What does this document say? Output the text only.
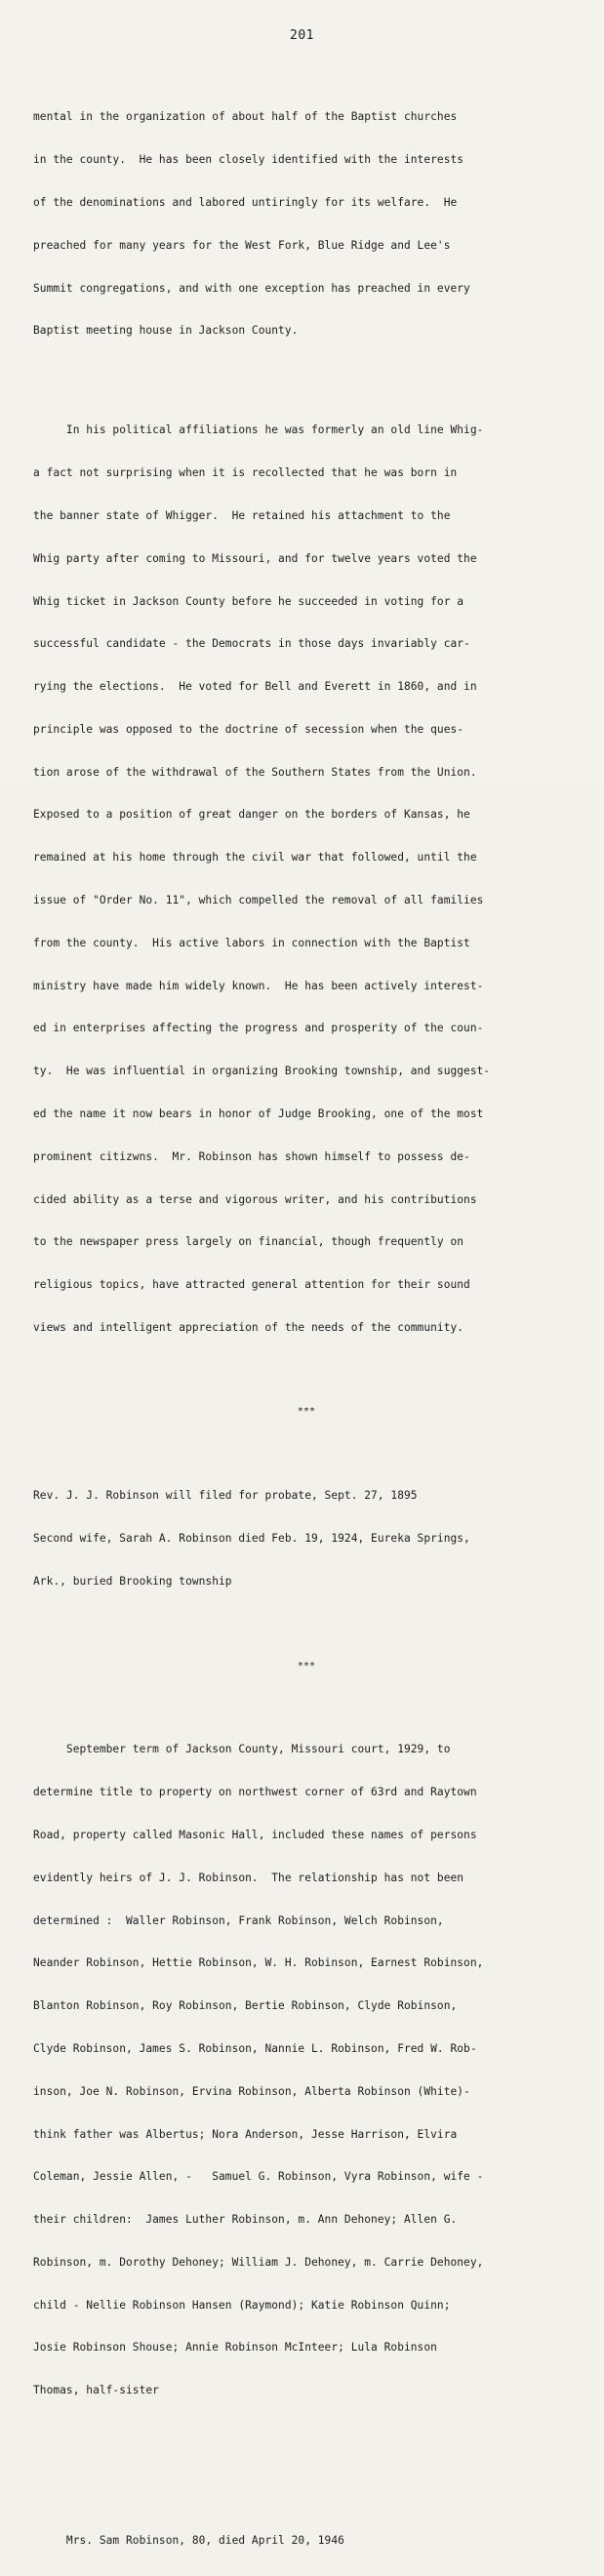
201

mental in the organization of about half of the Baptist churches

in the county.  He has been closely identified with the interests

of the denominations and labored untiringly for its welfare.  He

preached for many years for the West Fork, Blue Ridge and Lee's

Summit congregations, and with one exception has preached in every

Baptist meeting house in Jackson County.

In his political affiliations he was formerly an old line Whig-

a fact not surprising when it is recollected that he was born in

the banner state of Whigger.  He retained his attachment to the

Whig party after coming to Missouri, and for twelve years voted the

Whig ticket in Jackson County before he succeeded in voting for a

successful candidate - the Democrats in those days invariably car-

rying the elections.  He voted for Bell and Everett in 1860, and in

principle was opposed to the doctrine of secession when the ques-

tion arose of the withdrawal of the Southern States from the Union.

Exposed to a position of great danger on the borders of Kansas, he

remained at his home through the civil war that followed, until the

issue of "Order No. 11", which compelled the removal of all families

from the county.  His active labors in connection with the Baptist

ministry have made him widely known.  He has been actively interest-

ed in enterprises affecting the progress and prosperity of the coun-

ty.  He was influential in organizing Brooking township, and suggest-

ed the name it now bears in honor of Judge Brooking, one of the most

prominent citizwns.  Mr. Robinson has shown himself to possess de-

cided ability as a terse and vigorous writer, and his contributions

to the newspaper press largely on financial, though frequently on

religious topics, have attracted general attention for their sound

views and intelligent appreciation of the needs of the community.

***

Rev. J. J. Robinson will filed for probate, Sept. 27, 1895

Second wife, Sarah A. Robinson died Feb. 19, 1924, Eureka Springs,

Ark., buried Brooking township

***

September term of Jackson County, Missouri court, 1929, to

determine title to property on northwest corner of 63rd and Raytown

Road, property called Masonic Hall, included these names of persons

evidently heirs of J. J. Robinson.  The relationship has not been

determined :  Waller Robinson, Frank Robinson, Welch Robinson,

Neander Robinson, Hettie Robinson, W. H. Robinson, Earnest Robinson,

Blanton Robinson, Roy Robinson, Bertie Robinson, Clyde Robinson,

Clyde Robinson, James S. Robinson, Nannie L. Robinson, Fred W. Rob-

inson, Joe N. Robinson, Ervina Robinson, Alberta Robinson (White)-

think father was Albertus; Nora Anderson, Jesse Harrison, Elvira

Coleman, Jessie Allen, -   Samuel G. Robinson, Vyra Robinson, wife -

their children:  James Luther Robinson, m. Ann Dehoney; Allen G.

Robinson, m. Dorothy Dehoney; William J. Dehoney, m. Carrie Dehoney,

child - Nellie Robinson Hansen (Raymond); Katie Robinson Quinn;

Josie Robinson Shouse; Annie Robinson McInteer; Lula Robinson

Thomas, half-sister

Mrs. Sam Robinson, 80, died April 20, 1946
